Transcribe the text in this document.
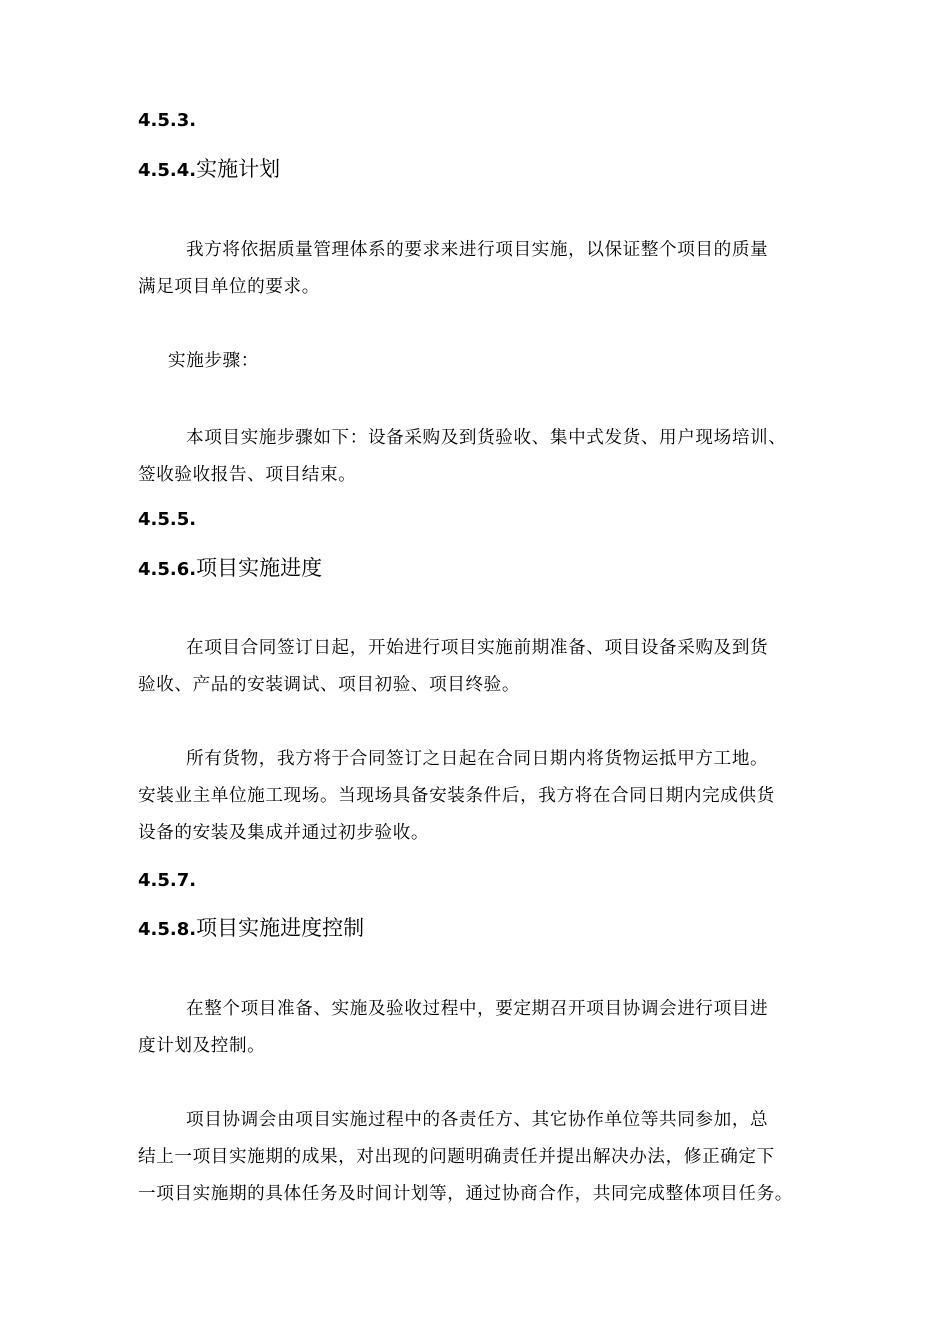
4.5.3.
4.5.4.实施计划
我方将依据质量管理体系的要求来进行项目实施，以保证整个项目的质量
满足项目单位的要求。
实施步骤：
本项目实施步骤如下：设备采购及到货验收、集中式发货、用户现场培训、
签收验收报告、项目结束。
4.5.5.
4.5.6.项目实施进度
在项目合同签订日起，开始进行项目实施前期准备、项目设备采购及到货
验收、产品的安装调试、项目初验、项目终验。
所有货物，我方将于合同签订之日起在合同日期内将货物运抵甲方工地。
安装业主单位施工现场。当现场具备安装条件后，我方将在合同日期内完成供货
设备的安装及集成并通过初步验收。
4.5.7.
4.5.8.项目实施进度控制
在整个项目准备、实施及验收过程中，要定期召开项目协调会进行项目进
度计划及控制。
项目协调会由项目实施过程中的各责任方、其它协作单位等共同参加，总
结上一项目实施期的成果，对出现的问题明确责任并提出解决办法，修正确定下
一项目实施期的具体任务及时间计划等，通过协商合作，共同完成整体项目任务。
